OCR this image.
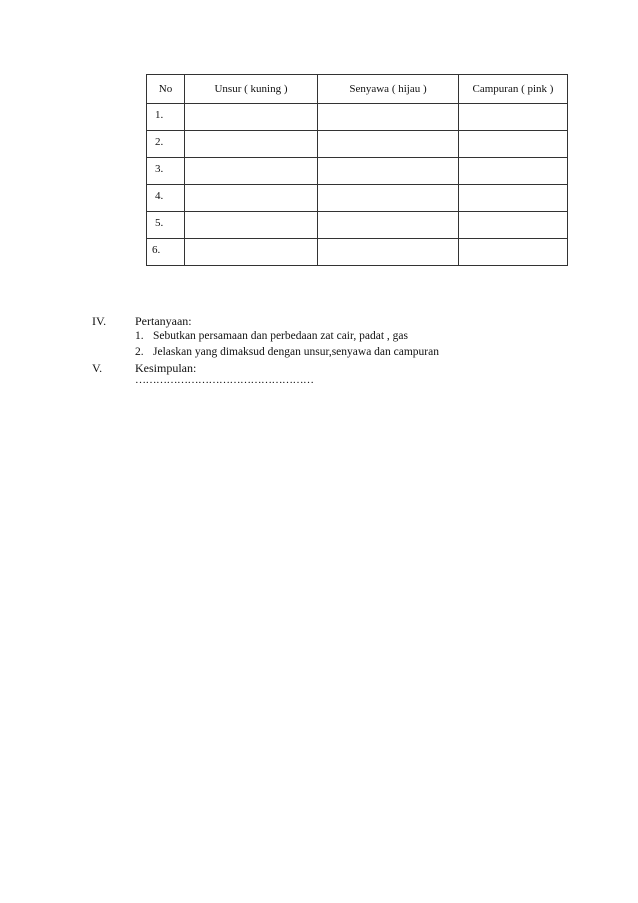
No	Unsur ( kuning )	Senyawa ( hijau )	Campuran ( pink )
1.			
2.			
3.			
4.			
5.			
6.			
IV. Pertanyaan:
1. Sebutkan persamaan dan perbedaan zat cair, padat , gas
2. Jelaskan yang dimaksud dengan unsur,senyawa dan campuran
V.	Kesimpulan:
……………………………………………
